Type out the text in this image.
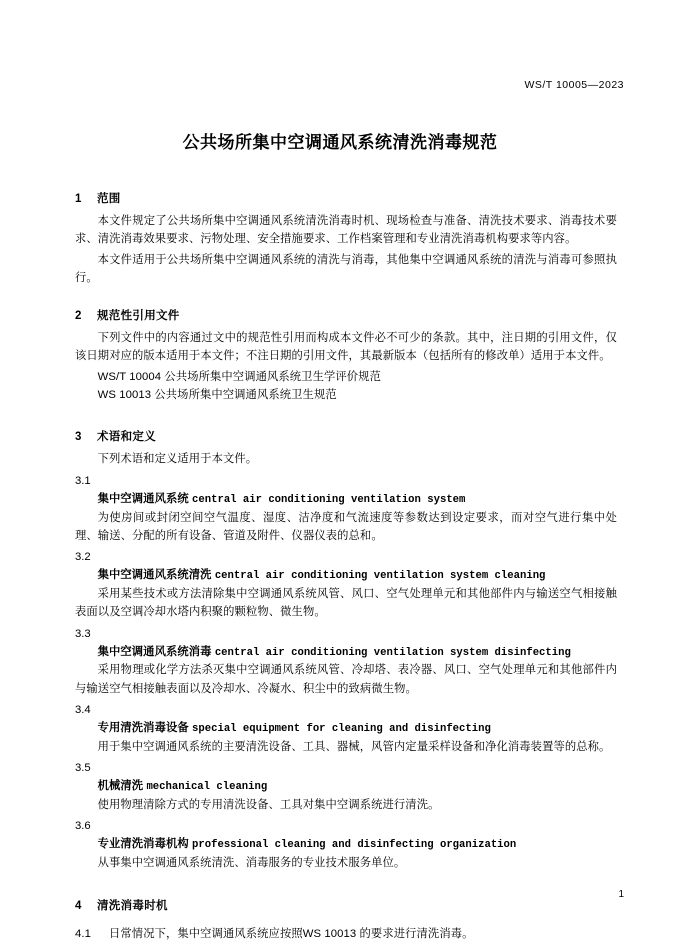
WS/T 10005—2023
公共场所集中空调通风系统清洗消毒规范
1 范围

本文件规定了公共场所集中空调通风系统清洗消毒时机、现场检查与准备、清洗技术要求、消毒技术要求、清洗消毒效果要求、污物处理、安全措施要求、工作档案管理和专业清洗消毒机构要求等内容。

本文件适用于公共场所集中空调通风系统的清洗与消毒，其他集中空调通风系统的清洗与消毒可参照执行。

2 规范性引用文件

下列文件中的内容通过文中的规范性引用而构成本文件必不可少的条款。其中，注日期的引用文件，仅该日期对应的版本适用于本文件；不注日期的引用文件，其最新版本（包括所有的修改单）适用于本文件。

WS/T 10004 公共场所集中空调通风系统卫生学评价规范

WS 10013 公共场所集中空调通风系统卫生规范

3 术语和定义

下列术语和定义适用于本文件。

3.1
集中空调通风系统 central air conditioning ventilation system

为使房间或封闭空间空气温度、湿度、洁净度和气流速度等参数达到设定要求，而对空气进行集中处理、输送、分配的所有设备、管道及附件、仪器仪表的总和。

3.2
集中空调通风系统清洗 central air conditioning ventilation system cleaning

采用某些技术或方法清除集中空调通风系统风管、风口、空气处理单元和其他部件内与输送空气相接触表面以及空调冷却水塔内积聚的颗粒物、微生物。

3.3
集中空调通风系统消毒 central air conditioning ventilation system disinfecting

采用物理或化学方法杀灭集中空调通风系统风管、冷却塔、表冷器、风口、空气处理单元和其他部件内与输送空气相接触表面以及冷却水、冷凝水、积尘中的致病微生物。

3.4
专用清洗消毒设备 special equipment for cleaning and disinfecting

用于集中空调通风系统的主要清洗设备、工具、器械，风管内定量采样设备和净化消毒装置等的总称。

3.5
机械清洗 mechanical cleaning

使用物理清除方式的专用清洗设备、工具对集中空调系统进行清洗。

3.6
专业清洗消毒机构 professional cleaning and disinfecting organization

从事集中空调通风系统清洗、消毒服务的专业技术服务单位。

4 清洗消毒时机

4.1 日常情况下，集中空调通风系统应按照WS 10013 的要求进行清洗消毒。

1
